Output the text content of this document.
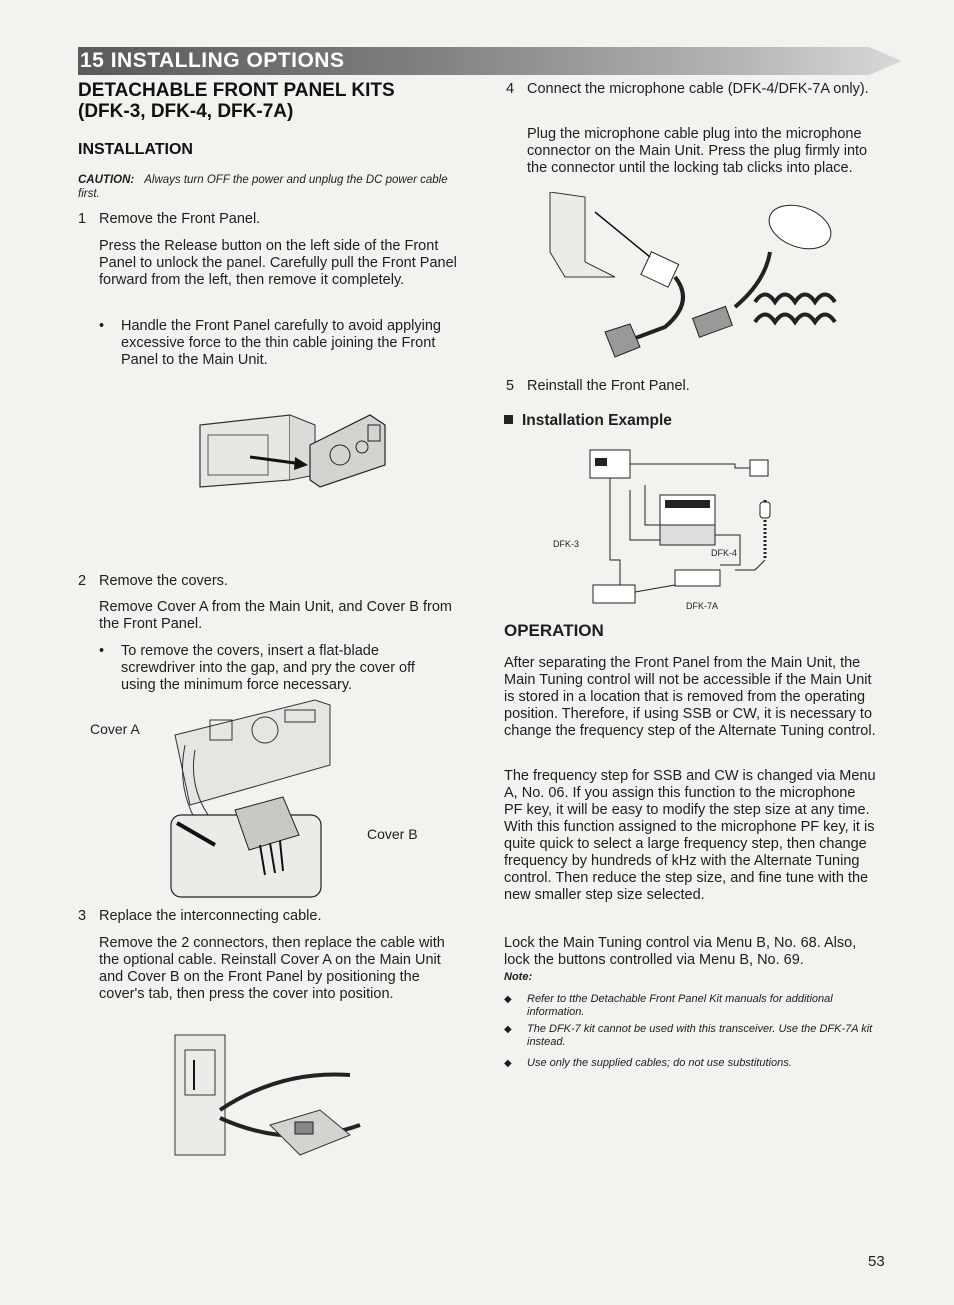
15 INSTALLING OPTIONS
DETACHABLE FRONT PANEL KITS
(DFK-3, DFK-4, DFK-7A)
INSTALLATION
CAUTION: Always turn OFF the power and unplug the DC power cable first.
1 Remove the Front Panel.
Press the Release button on the left side of the Front Panel to unlock the panel. Carefully pull the Front Panel forward from the left, then remove it completely.
• Handle the Front Panel carefully to avoid applying excessive force to the thin cable joining the Front Panel to the Main Unit.
2 Remove the covers.
Remove Cover A from the Main Unit, and Cover B from the Front Panel.
• To remove the covers, insert a flat-blade screwdriver into the gap, and pry the cover off using the minimum force necessary.
Cover A
Cover B
3 Replace the interconnecting cable.
Remove the 2 connectors, then replace the cable with the optional cable. Reinstall Cover A on the Main Unit and Cover B on the Front Panel by positioning the cover's tab, then press the cover into position.
4 Connect the microphone cable (DFK-4/DFK-7A only).
Plug the microphone cable plug into the microphone connector on the Main Unit. Press the plug firmly into the connector until the locking tab clicks into place.
5 Reinstall the Front Panel.
Installation Example
DFK-3
DFK-4
DFK-7A
OPERATION
After separating the Front Panel from the Main Unit, the Main Tuning control will not be accessible if the Main Unit is stored in a location that is removed from the operating position. Therefore, if using SSB or CW, it is necessary to change the frequency step of the Alternate Tuning control.
The frequency step for SSB and CW is changed via Menu A, No. 06. If you assign this function to the microphone PF key, it will be easy to modify the step size at any time. With this function assigned to the microphone PF key, it is quite quick to select a large frequency step, then change frequency by hundreds of kHz with the Alternate Tuning control. Then reduce the step size, and fine tune with the new smaller step size selected.
Lock the Main Tuning control via Menu B, No. 68. Also, lock the buttons controlled via Menu B, No. 69.
Note:
◆ Refer to tthe Detachable Front Panel Kit manuals for additional information.
◆ The DFK-7 kit cannot be used with this transceiver. Use the DFK-7A kit instead.
◆ Use only the supplied cables; do not use substitutions.
53
